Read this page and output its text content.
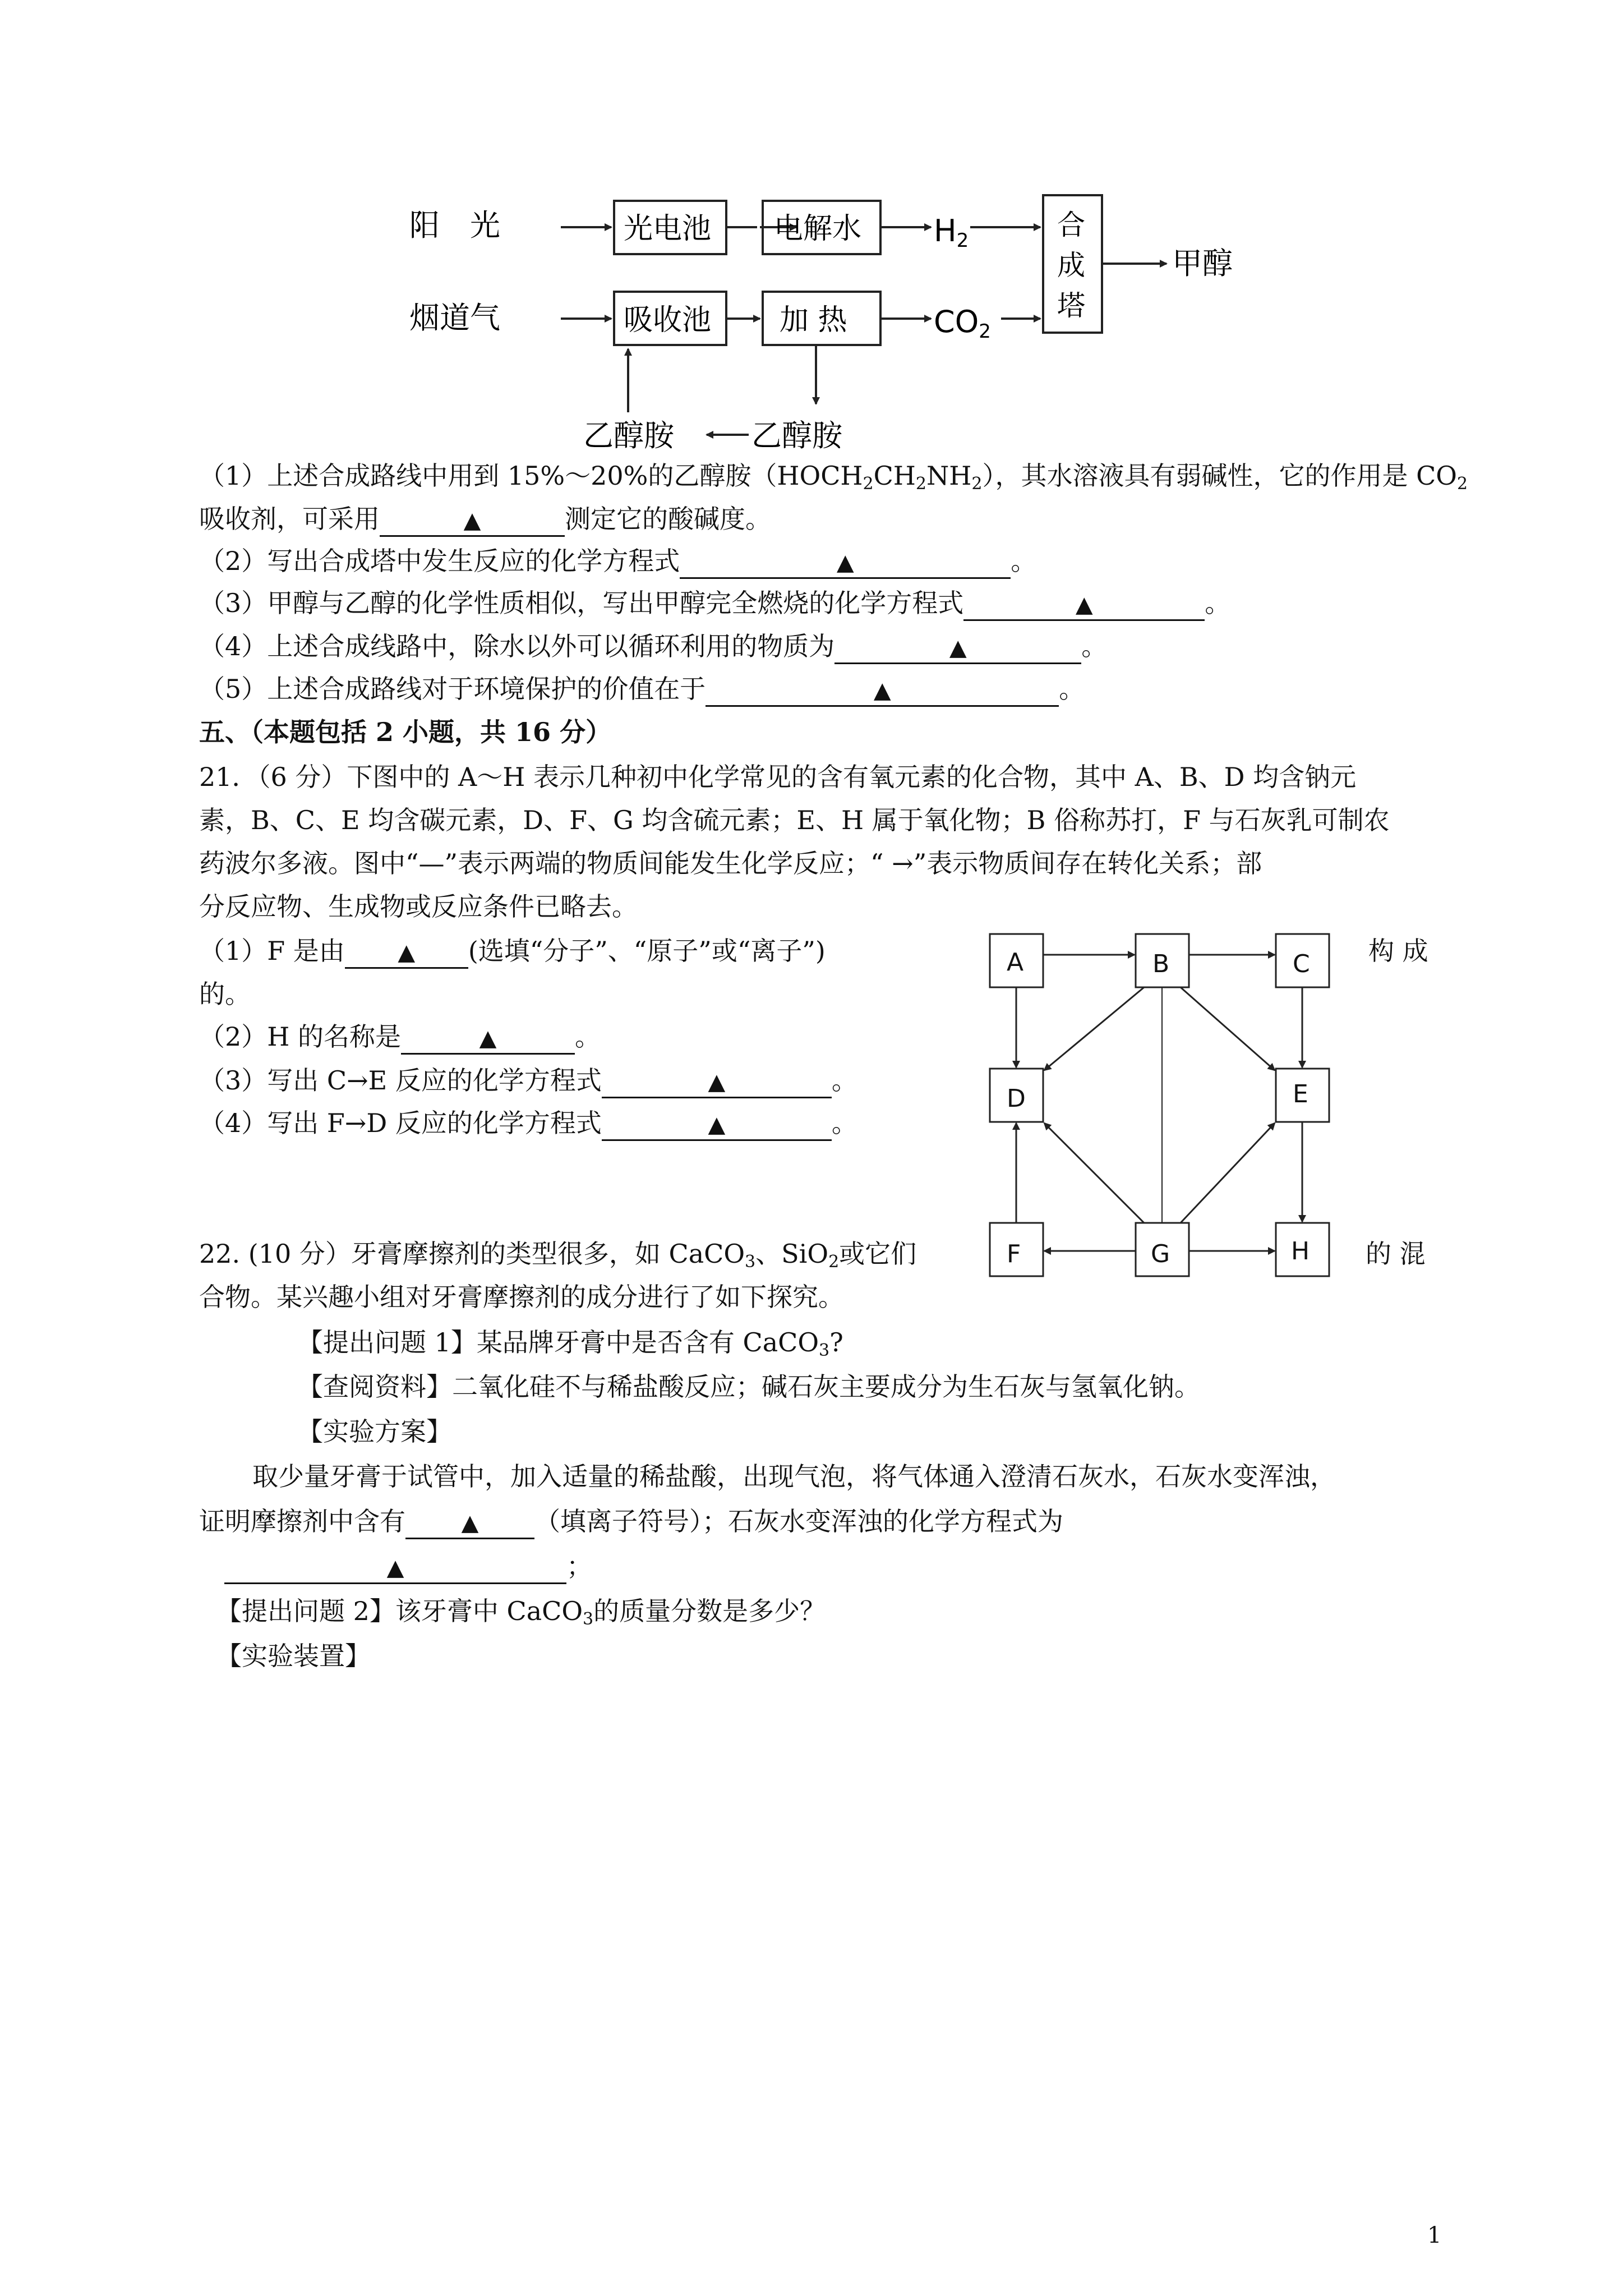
阳　光	光电池 电解水 H2	合
成
塔
甲醇
烟道气	吸收池 加 热	CO2
乙醇胺
乙醇胺
（1）上述合成路线中用到 15%～20%的乙醇胺$(HOCH_2CH_2NH_2)$，其水溶液具有弱碱性，它的作用是 $CO_2$
吸收剂，可采用	▲	测定它的酸碱度。
（2）写出合成塔中发生反应的化学方程式	▲	。
（3）甲醇与乙醇的化学性质相似，写出甲醇完全燃烧的化学方程式	▲	。
（4）上述合成线路中，除水以外可以循环利用的物质为	▲	。
（5）上述合成路线对于环境保护的价值在于	▲	。
五、（本题包括 2 小题，共 16 分）
21．（6 分）下图中的 A～H 表示几种初中化学常见的含有氧元素的化合物，其中 A、B、D 均含钠元
素，B、C、E 均含碳元素，D、F、G 均含硫元素；E、H 属于氧化物；B 俗称苏打，F 与石灰乳可制农
药波尔多液。图中“—”表示两端的物质间能发生化学反应；“ →”表示物质间存在转化关系；部
分反应物、生成物或反应条件已略去。
（1）F 是由 ▲ (选填“分子”、“原子”或“离子”)	构 成
的。
（2）H 的名称是	▲	。
（3）写出 C→E 反应的化学方程式	▲	。
（4）写出 F→D 反应的化学方程式	▲	。
A	B	C
D	E
F	G	H
22. (10 分）牙膏摩擦剂的类型很多，如 CaCO$_3$、SiO$_2$或它们	的 混
合物。某兴趣小组对牙膏摩擦剂的成分进行了如下探究。
【提出问题 1】某品牌牙膏中是否含有 CaCO$_3$?
【查阅资料】二氧化硅不与稀盐酸反应；碱石灰主要成分为生石灰与氢氧化钠。
【实验方案】
取少量牙膏于试管中，加入适量的稀盐酸，出现气泡，将气体通入澄清石灰水，石灰水变浑浊，
证明摩擦剂中含有 ▲ （填离子符号）；石灰水变浑浊的化学方程式为
▲	；
【提出问题 2】该牙膏中 CaCO$_3$的质量分数是多少？
【实验装置】
1
